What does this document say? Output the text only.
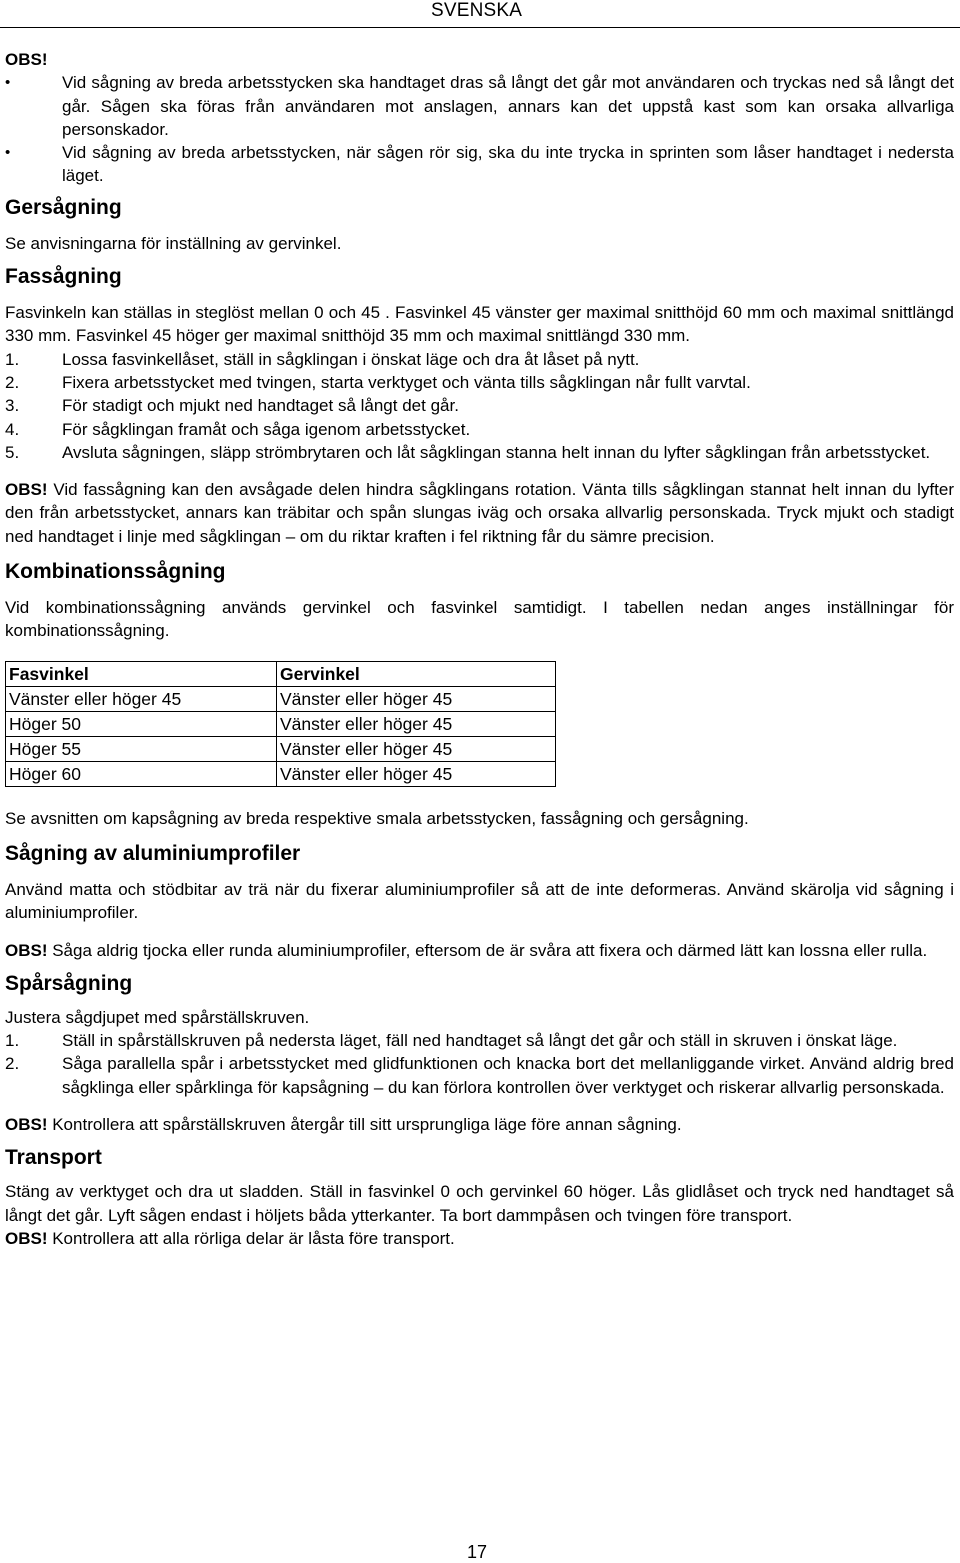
SVENSKA
OBS!
• Vid sågning av breda arbetsstycken ska handtaget dras så långt det går mot användaren och tryckas ned så långt det går. Sågen ska föras från användaren mot anslagen, annars kan det uppstå kast som kan orsaka allvarliga personskador.
• Vid sågning av breda arbetsstycken, när sågen rör sig, ska du inte trycka in sprinten som låser handtaget i nedersta läget.
Gersågning

Se anvisningarna för inställning av gervinkel.

Fassågning

Fasvinkeln kan ställas in steglöst mellan 0 och 45 . Fasvinkel 45 vänster ger maximal snitthöjd 60 mm och maximal snittlängd 330 mm. Fasvinkel 45 höger ger maximal snitthöjd 35 mm och maximal snittlängd 330 mm.

1.	Lossa fasvinkellåset, ställ in sågklingan i önskat läge och dra åt låset på nytt.
2.	Fixera arbetsstycket med tvingen, starta verktyget och vänta tills sågklingan når fullt varvtal.
3.	För stadigt och mjukt ned handtaget så långt det går.
4.	För sågklingan framåt och såga igenom arbetsstycket.
5.	Avsluta sågningen, släpp strömbrytaren och låt sågklingan stanna helt innan du lyfter sågklingan från arbetsstycket.

OBS! Vid fassågning kan den avsågade delen hindra sågklingans rotation. Vänta tills sågklingan stannat helt innan du lyfter den från arbetsstycket, annars kan träbitar och spån slungas iväg och orsaka allvarlig personskada. Tryck mjukt och stadigt ned handtaget i linje med sågklingan – om du riktar kraften i fel riktning får du sämre precision.

Kombinationssågning

Vid kombinationssågning används gervinkel och fasvinkel samtidigt. I tabellen nedan anges inställningar för kombinationssågning.

Fasvinkel	Gervinkel
Vänster eller höger 45	Vänster eller höger 45
Höger 50	Vänster eller höger 45
Höger 55	Vänster eller höger 45
Höger 60	Vänster eller höger 45

Se avsnitten om kapsågning av breda respektive smala arbetsstycken, fassågning och gersågning.

Sågning av aluminiumprofiler

Använd matta och stödbitar av trä när du fixerar aluminiumprofiler så att de inte deformeras. Använd skärolja vid sågning i aluminiumprofiler.

OBS! Såga aldrig tjocka eller runda aluminiumprofiler, eftersom de är svåra att fixera och därmed lätt kan lossna eller rulla.

Spårsågning

Justera sågdjupet med spårställskruven.

1.	Ställ in spårställskruven på nedersta läget, fäll ned handtaget så långt det går och ställ in skruven i önskat läge.
2.	Såga parallella spår i arbetsstycket med glidfunktionen och knacka bort det mellanliggande virket. Använd aldrig bred sågklinga eller spårklinga för kapsågning – du kan förlora kontrollen över verktyget och riskerar allvarlig personskada.

OBS! Kontrollera att spårställskruven återgår till sitt ursprungliga läge före annan sågning.

Transport

Stäng av verktyget och dra ut sladden. Ställ in fasvinkel 0 och gervinkel 60 höger. Lås glidlåset och tryck ned handtaget så långt det går. Lyft sågen endast i höljets båda ytterkanter. Ta bort dammpåsen och tvingen före transport.

OBS! Kontrollera att alla rörliga delar är låsta före transport.

17
